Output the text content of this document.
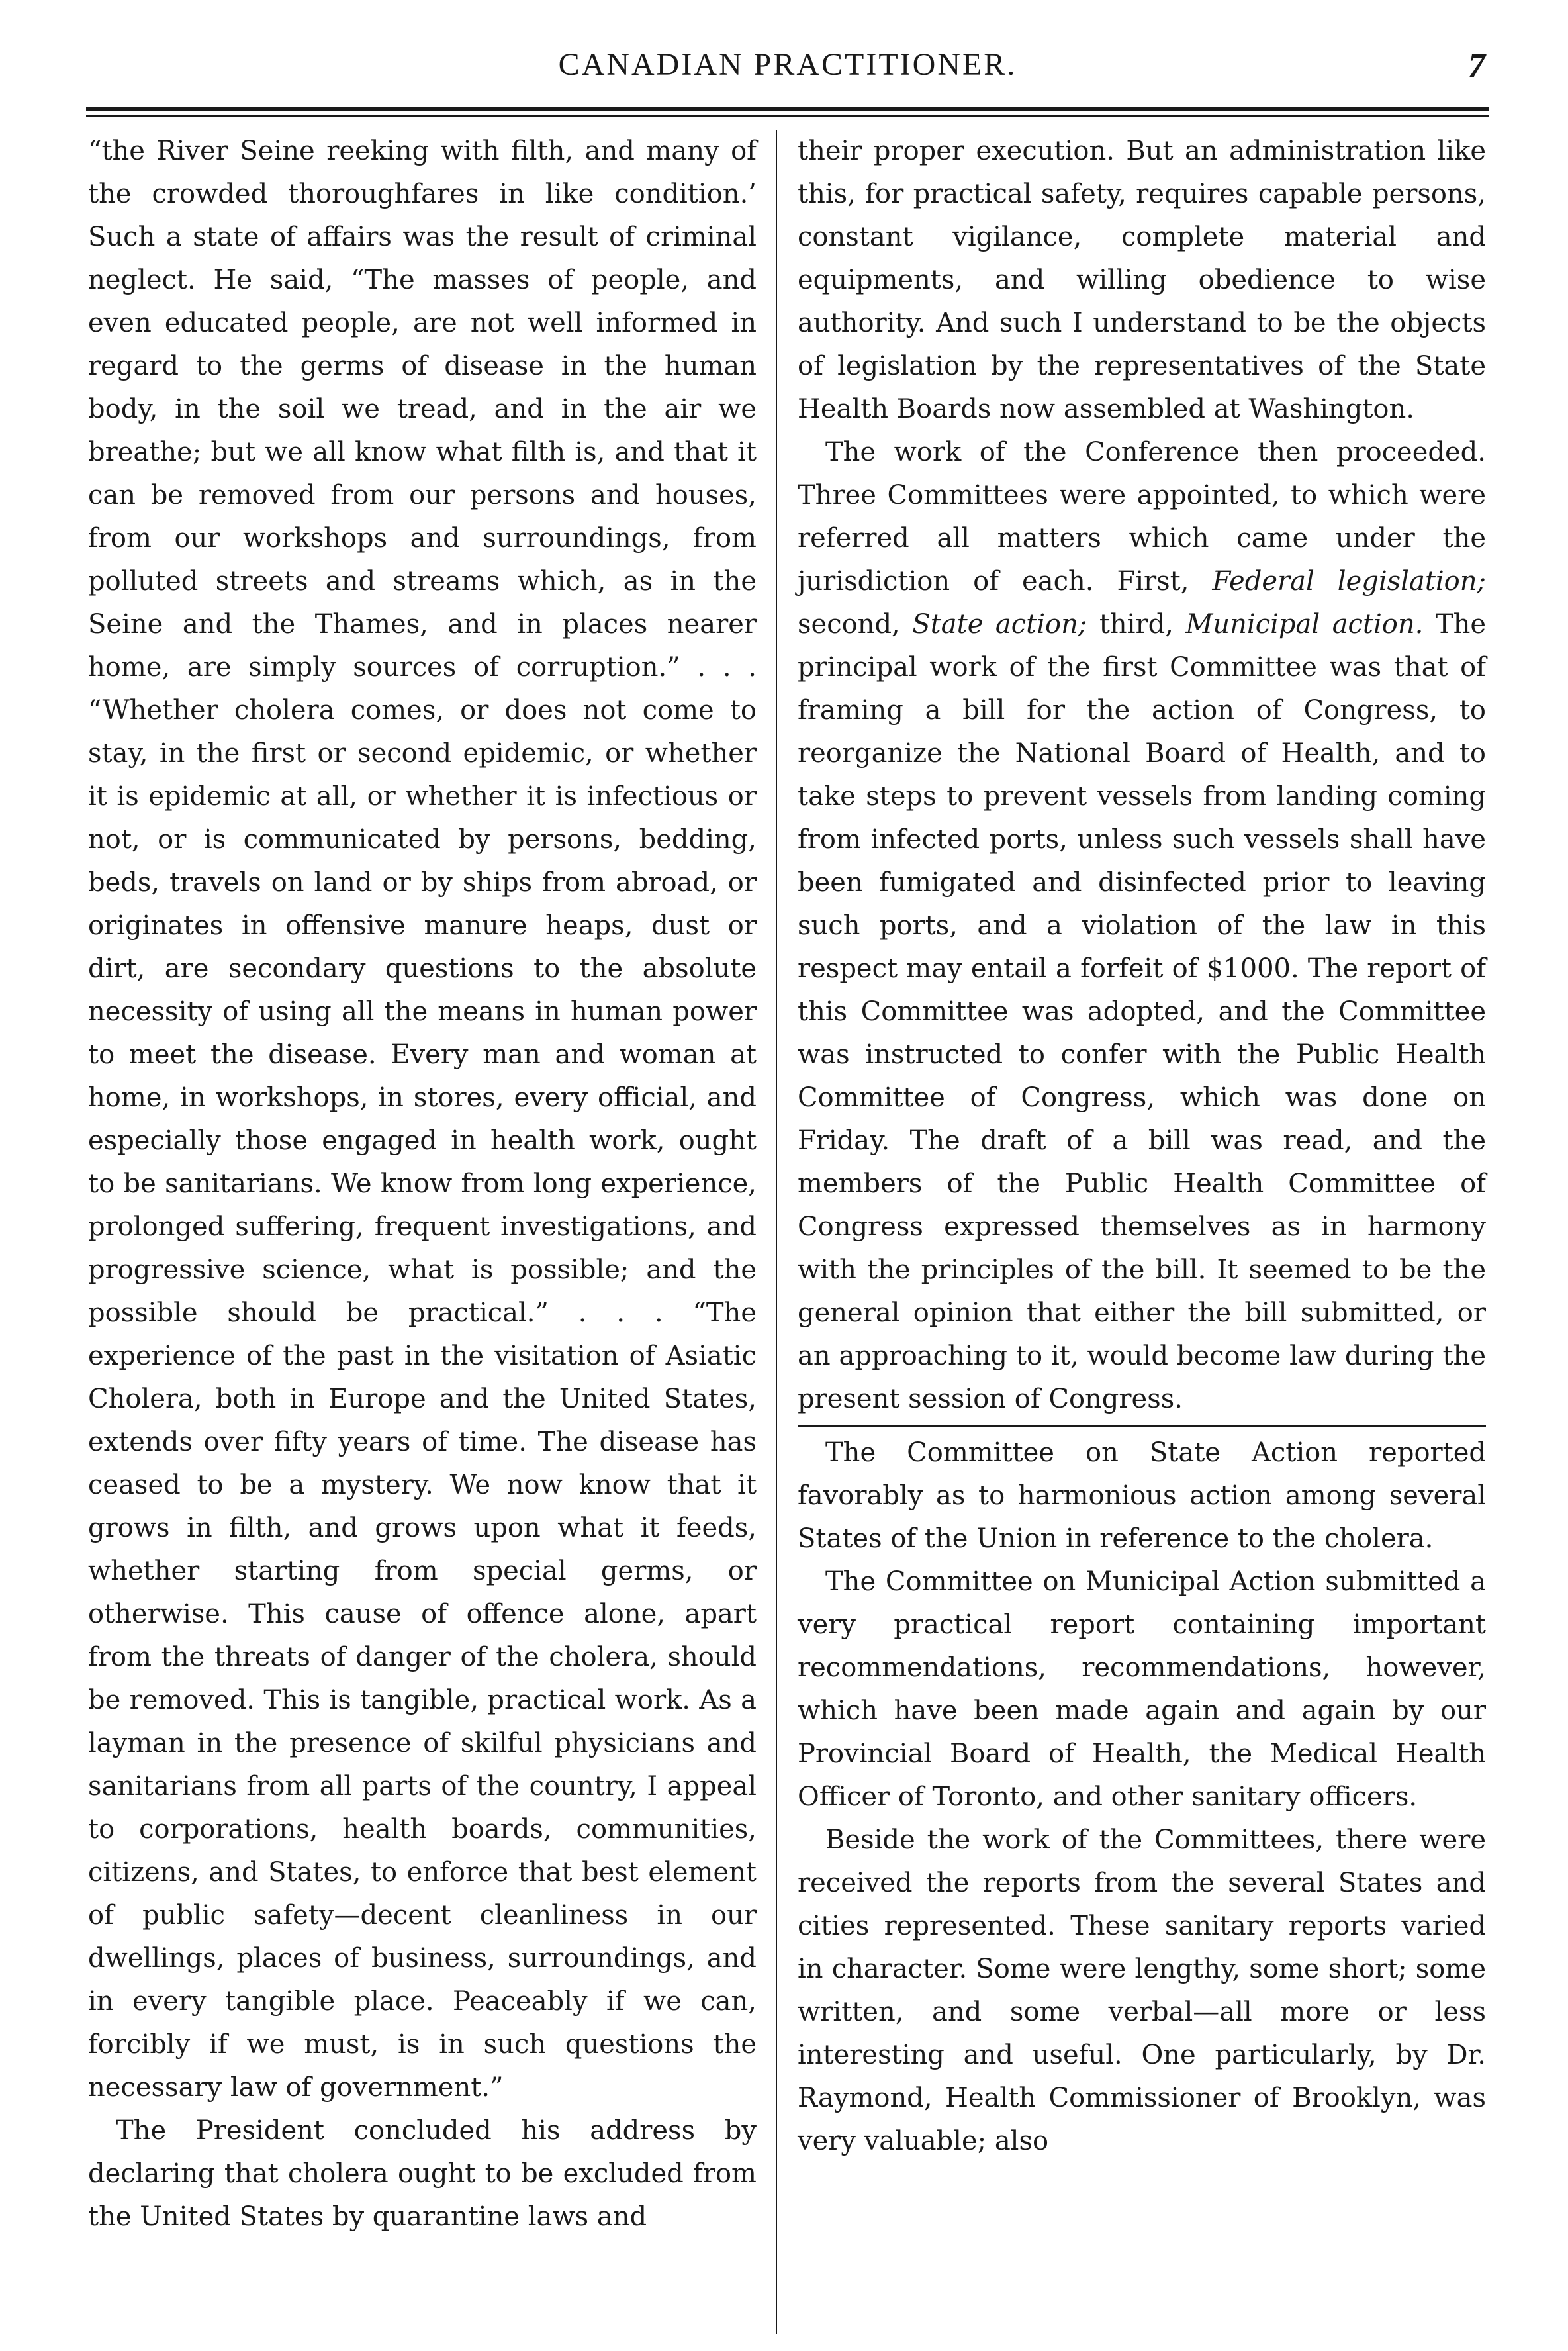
CANADIAN PRACTITIONER.	7

“the River Seine reeking with filth, and many of the crowded thoroughfares in like condition.’ Such a state of affairs was the result of criminal neglect. He said, “The masses of people, and even educated people, are not well informed in regard to the germs of disease in the human body, in the soil we tread, and in the air we breathe; but we all know what filth is, and that it can be removed from our persons and houses, from our workshops and surroundings, from polluted streets and streams which, as in the Seine and the Thames, and in places nearer home, are simply sources of corruption.” . . . “Whether cholera comes, or does not come to stay, in the first or second epidemic, or whether it is epidemic at all, or whether it is infectious or not, or is communicated by persons, bedding, beds, travels on land or by ships from abroad, or originates in offensive manure heaps, dust or dirt, are secondary questions to the absolute necessity of using all the means in human power to meet the disease. Every man and woman at home, in workshops, in stores, every official, and especially those engaged in health work, ought to be sanitarians. We know from long experience, prolonged suffering, frequent investigations, and progressive science, what is possible; and the possible should be practical.” . . . “The experience of the past in the visitation of Asiatic Cholera, both in Europe and the United States, extends over fifty years of time. The disease has ceased to be a mystery. We now know that it grows in filth, and grows upon what it feeds, whether starting from special germs, or otherwise. This cause of offence alone, apart from the threats of danger of the cholera, should be removed. This is tangible, practical work. As a layman in the presence of skilful physicians and sanitarians from all parts of the country, I appeal to corporations, health boards, communities, citizens, and States, to enforce that best element of public safety—decent cleanliness in our dwellings, places of business, surroundings, and in every tangible place. Peaceably if we can, forcibly if we must, is in such questions the necessary law of government.”

The President concluded his address by declaring that cholera ought to be excluded from the United States by quarantine laws and

their proper execution. But an administration like this, for practical safety, requires capable persons, constant vigilance, complete material and equipments, and willing obedience to wise authority. And such I understand to be the objects of legislation by the representatives of the State Health Boards now assembled at Washington.

The work of the Conference then proceeded. Three Committees were appointed, to which were referred all matters which came under the jurisdiction of each. First, Federal legislation; second, State action; third, Municipal action. The principal work of the first Committee was that of framing a bill for the action of Congress, to reorganize the National Board of Health, and to take steps to prevent vessels from landing coming from infected ports, unless such vessels shall have been fumigated and disinfected prior to leaving such ports, and a violation of the law in this respect may entail a forfeit of $1000. The report of this Committee was adopted, and the Committee was instructed to confer with the Public Health Committee of Congress, which was done on Friday. The draft of a bill was read, and the members of the Public Health Committee of Congress expressed themselves as in harmony with the principles of the bill. It seemed to be the general opinion that either the bill submitted, or an approaching to it, would become law during the present session of Congress.

The Committee on State Action reported favorably as to harmonious action among several States of the Union in reference to the cholera.

The Committee on Municipal Action submitted a very practical report containing important recommendations, recommendations, however, which have been made again and again by our Provincial Board of Health, the Medical Health Officer of Toronto, and other sanitary officers.

Beside the work of the Committees, there were received the reports from the several States and cities represented. These sanitary reports varied in character. Some were lengthy, some short; some written, and some verbal—all more or less interesting and useful. One particularly, by Dr. Raymond, Health Commissioner of Brooklyn, was very valuable; also
